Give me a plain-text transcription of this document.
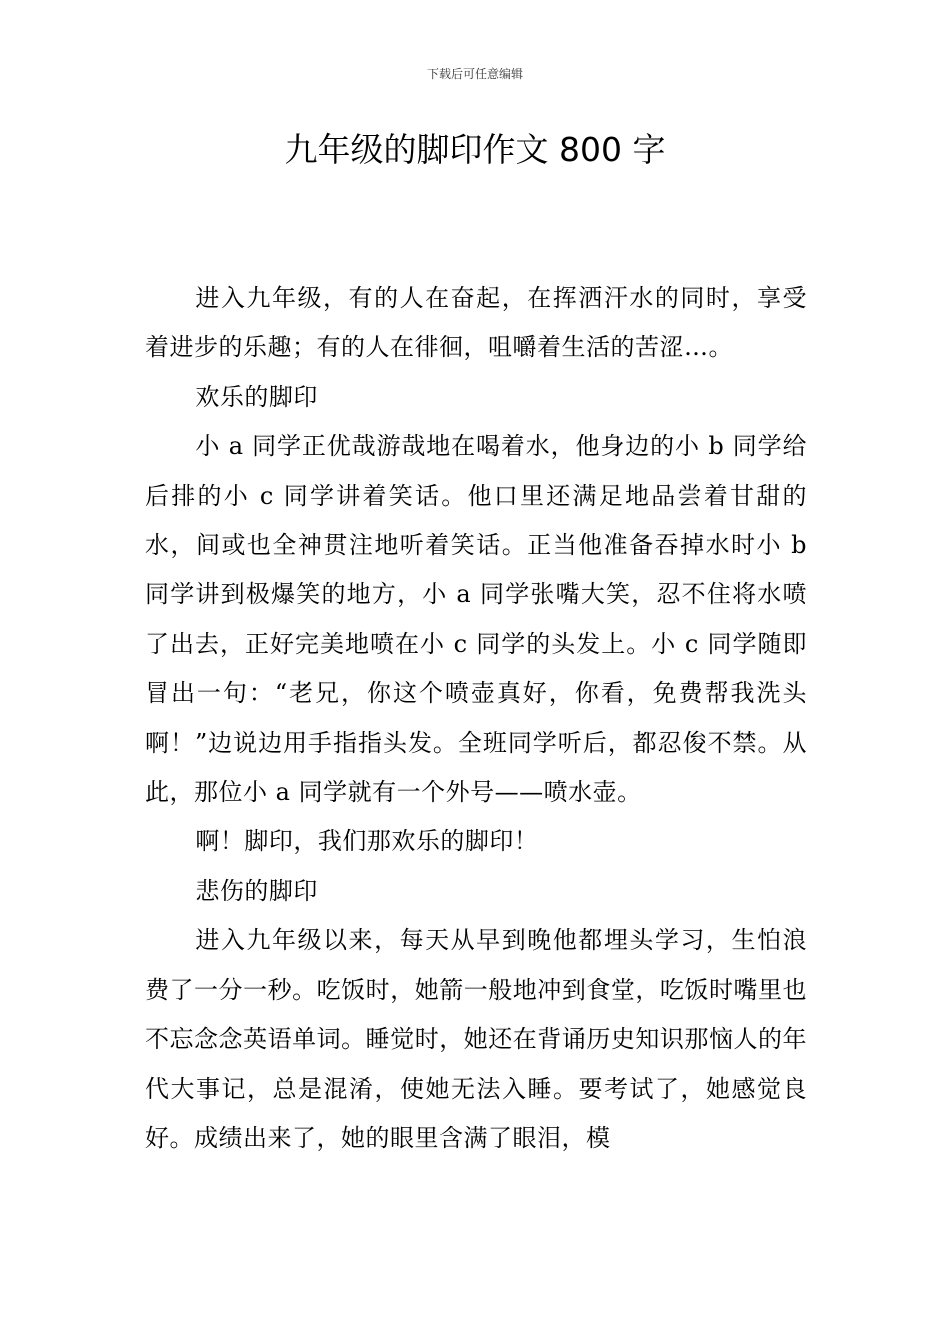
下载后可任意编辑
九年级的脚印作文 800 字

进入九年级，有的人在奋起，在挥洒汗水的同时，享受着进步的乐趣；有的人在徘徊，咀嚼着生活的苦涩…。

欢乐的脚印

小 a 同学正优哉游哉地在喝着水，他身边的小 b 同学给后排的小 c 同学讲着笑话。他口里还满足地品尝着甘甜的水，间或也全神贯注地听着笑话。正当他准备吞掉水时小 b 同学讲到极爆笑的地方，小 a 同学张嘴大笑，忍不住将水喷了出去，正好完美地喷在小 c 同学的头发上。小 c 同学随即冒出一句：“老兄，你这个喷壶真好，你看，免费帮我洗头啊！”边说边用手指指头发。全班同学听后，都忍俊不禁。从此，那位小 a 同学就有一个外号——喷水壶。

啊！脚印，我们那欢乐的脚印！

悲伤的脚印

进入九年级以来，每天从早到晚他都埋头学习，生怕浪费了一分一秒。吃饭时，她箭一般地冲到食堂，吃饭时嘴里也不忘念念英语单词。睡觉时，她还在背诵历史知识那恼人的年代大事记，总是混淆，使她无法入睡。要考试了，她感觉良好。成绩出来了，她的眼里含满了眼泪，模
